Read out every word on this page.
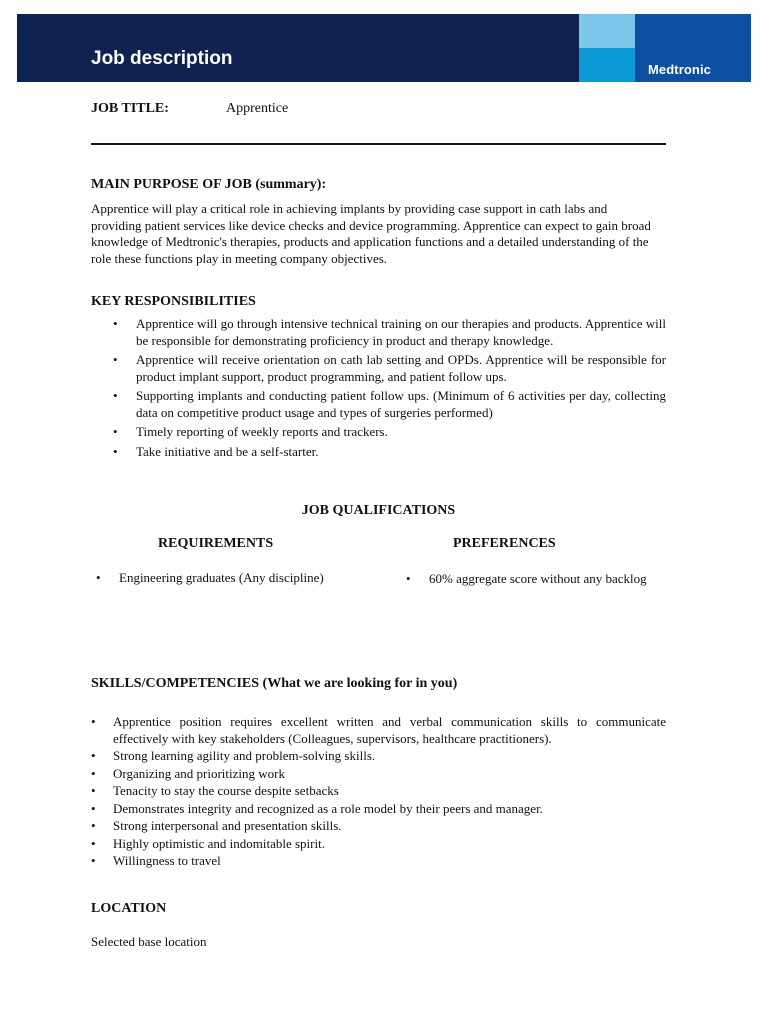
Job description
Medtronic
JOB TITLE:	Apprentice
MAIN PURPOSE OF JOB (summary):
Apprentice will play a critical role in achieving implants by providing case support in cath labs and providing patient services like device checks and device programming. Apprentice can expect to gain broad knowledge of Medtronic's therapies, products and application functions and a detailed understanding of the role these functions play in meeting company objectives.
KEY RESPONSIBILITIES
• Apprentice will go through intensive technical training on our therapies and products. Apprentice will be responsible for demonstrating proficiency in product and therapy knowledge.
• Apprentice will receive orientation on cath lab setting and OPDs. Apprentice will be responsible for product implant support, product programming, and patient follow ups.
• Supporting implants and conducting patient follow ups. (Minimum of 6 activities per day, collecting data on competitive product usage and types of surgeries performed)
• Timely reporting of weekly reports and trackers.
• Take initiative and be a self-starter.
JOB QUALIFICATIONS
REQUIREMENTS	PREFERENCES
• Engineering graduates (Any discipline)	• 60% aggregate score without any backlog
SKILLS/COMPETENCIES (What we are looking for in you)
• Apprentice position requires excellent written and verbal communication skills to communicate effectively with key stakeholders (Colleagues, supervisors, healthcare practitioners).
• Strong learning agility and problem-solving skills.
• Organizing and prioritizing work
• Tenacity to stay the course despite setbacks
• Demonstrates integrity and recognized as a role model by their peers and manager.
• Strong interpersonal and presentation skills.
• Highly optimistic and indomitable spirit.
• Willingness to travel
LOCATION
Selected base location
